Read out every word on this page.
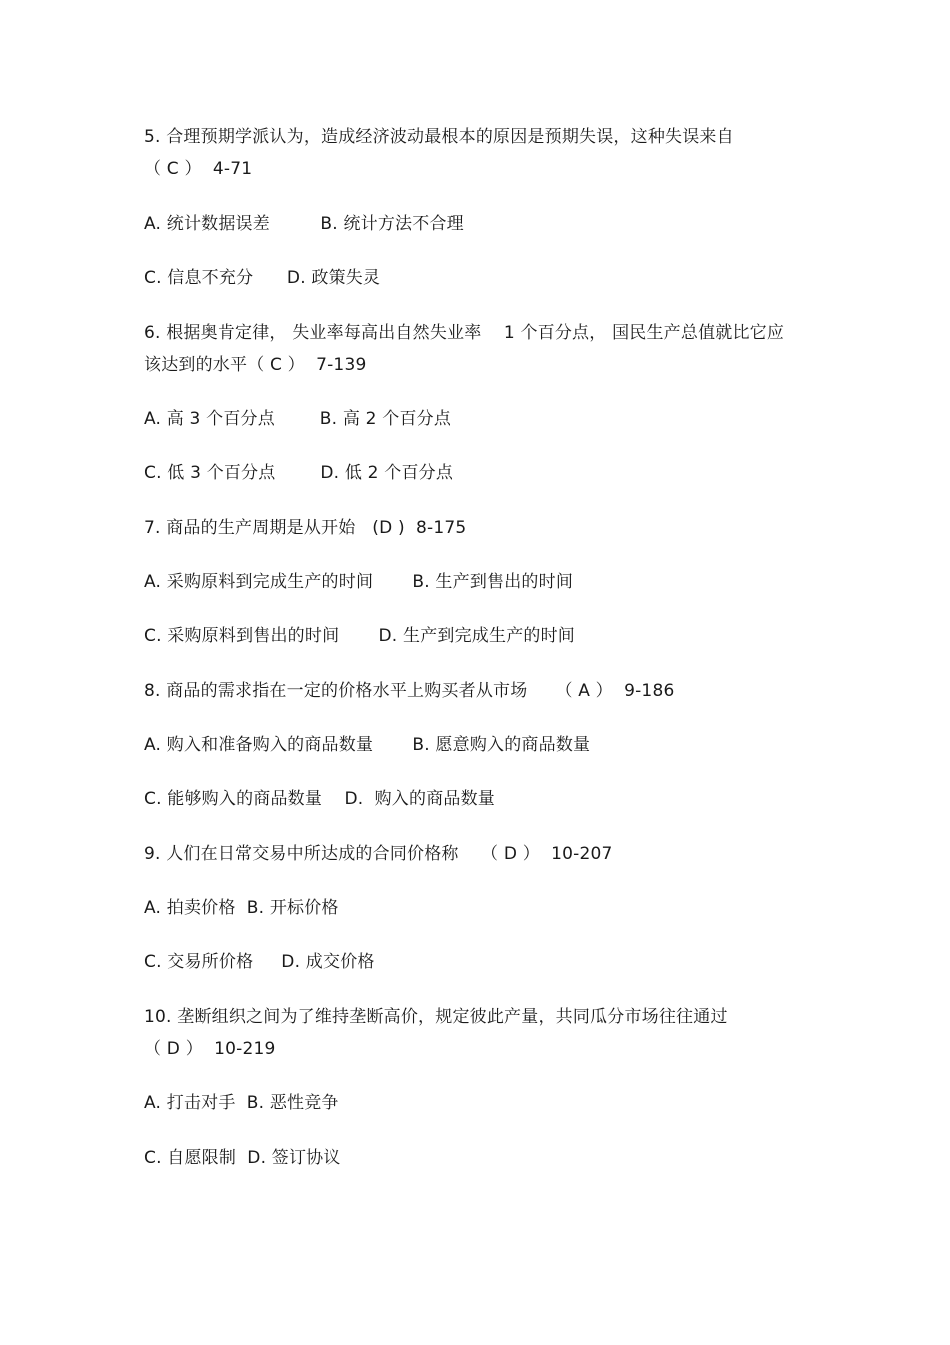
5. 合理预期学派认为，造成经济波动最根本的原因是预期失误，这种失误来自
（ C ）  4-71
A. 统计数据误差         B. 统计方法不合理
C. 信息不充分      D. 政策失灵
6. 根据奥肯定律， 失业率每高出自然失业率    1 个百分点， 国民生产总值就比它应
该达到的水平（ C ）  7-139
A. 高 3 个百分点        B. 高 2 个百分点
C. 低 3 个百分点        D. 低 2 个百分点
7. 商品的生产周期是从开始   (D )  8-175
A. 采购原料到完成生产的时间       B. 生产到售出的时间
C. 采购原料到售出的时间       D. 生产到完成生产的时间
8. 商品的需求指在一定的价格水平上购买者从市场     （ A ）  9-186
A. 购入和准备购入的商品数量       B. 愿意购入的商品数量
C. 能够购入的商品数量    D.  购入的商品数量
9. 人们在日常交易中所达成的合同价格称    （ D ）  10-207
A. 拍卖价格  B. 开标价格
C. 交易所价格     D. 成交价格
10. 垄断组织之间为了维持垄断高价，规定彼此产量，共同瓜分市场往往通过
（ D ）  10-219
A. 打击对手  B. 恶性竞争
C. 自愿限制  D. 签订协议
